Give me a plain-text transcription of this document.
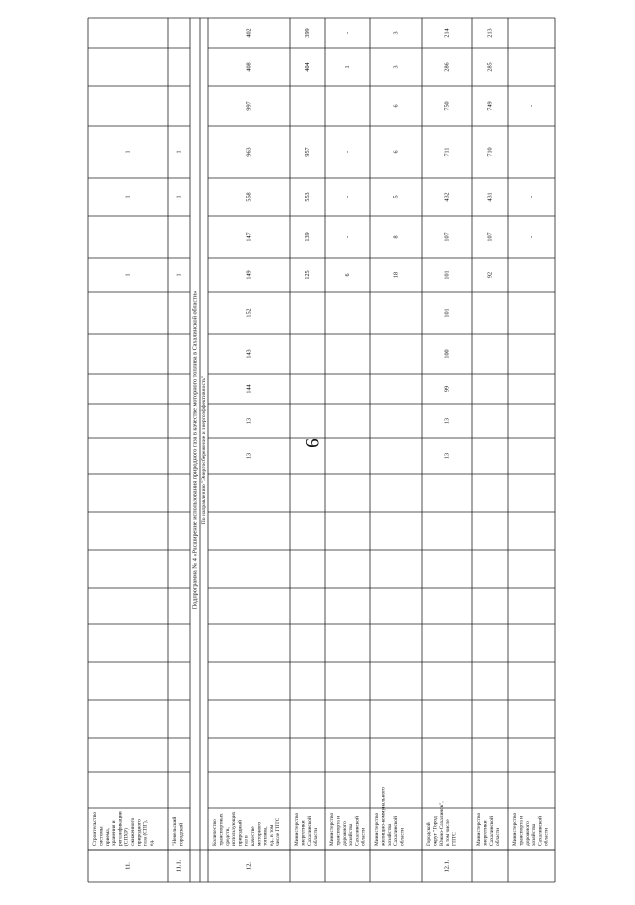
9
Подпрограмма № 4 «Расширение использования природного газа в качестве моторного топлива в Сахалинской области» По направлению "Энергосбережение и энергоэффективность"
11.
Строительство системы приема, хранения и регазификации (СПХР) сжиженного природного газа (СПГ), ед.
11.1.
"Невельский городской
12.
Количество транспортных средств, использующих природный газ в качестве моторного топлива, ед., в том числе ГПТС Министерство энергетики Сахалинской области Министерство транспорта и дорожного хозяйства Сахалинской области Министерство жилищно-коммунального хозяйства Сахалинской области
12.1.
Городской округ "Город Южно-Сахалинск", в том числе ГПТС	Министерство энергетики Сахалинской области Министерство транспорта и дорожного хозяйства Сахалинской области
1
1
1
1
1
1
13
13
144
143
152
149
147
558
963
997
408
402
125
139
553
957
404
399
6
-
-
-
1
-
18
8
5
6
6
3
3
13
13
99
100
101
101
107
432
711
750
286
214
92
107
431
710
749
285
213
-
-
-
